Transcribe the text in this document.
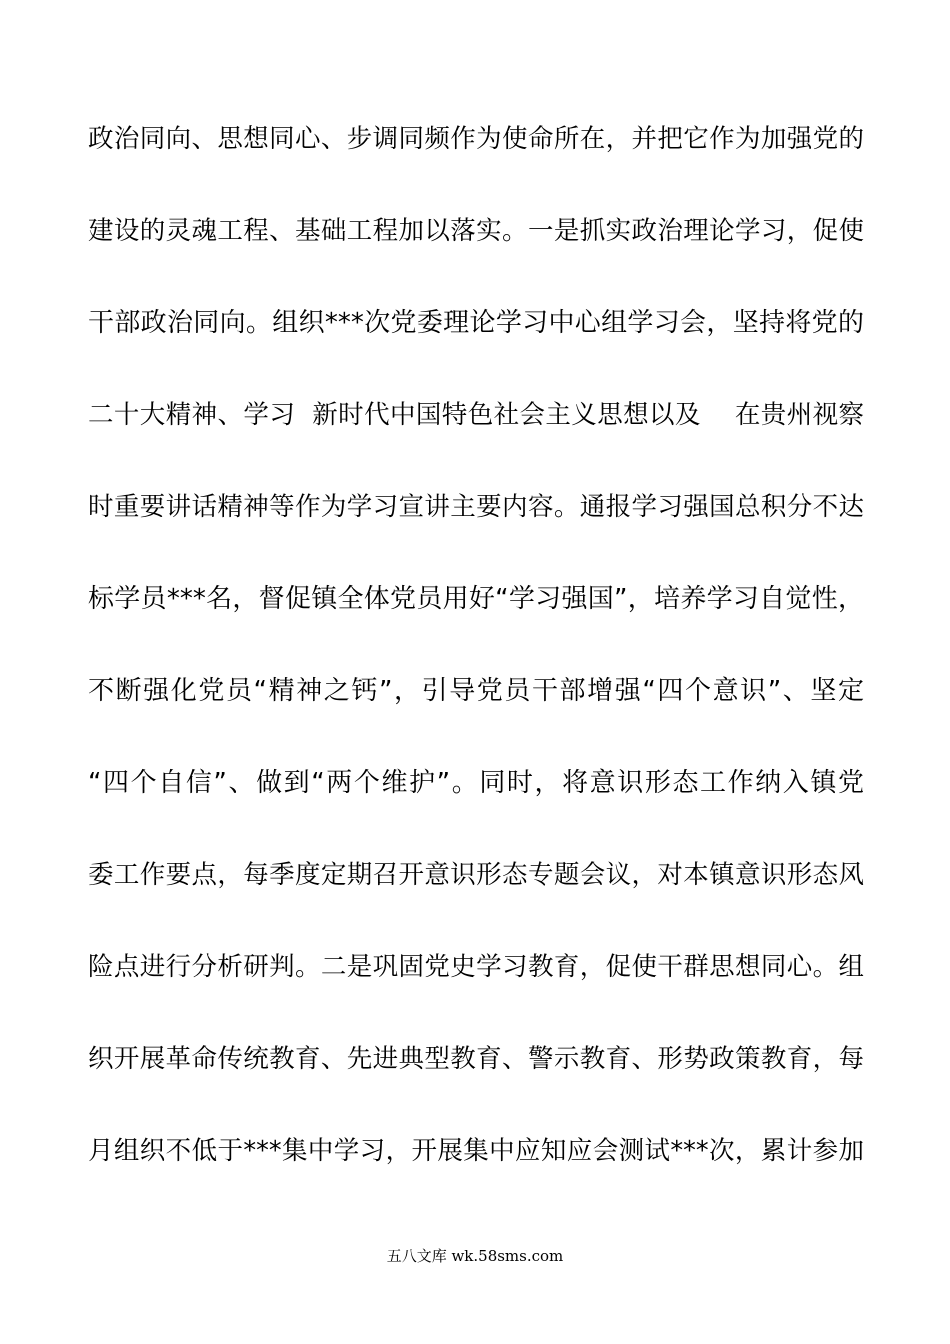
政治同向、思想同心、步调同频作为使命所在，并把它作为加强党的
建设的灵魂工程、基础工程加以落实。一是抓实政治理论学习，促使
干部政治同向。组织***次党委理论学习中心组学习会，坚持将党的
二十大精神、学习  新时代中国特色社会主义思想以及    在贵州视察
时重要讲话精神等作为学习宣讲主要内容。通报学习强国总积分不达
标学员***名，督促镇全体党员用好“学习强国”，培养学习自觉性，
不断强化党员“精神之钙”，引导党员干部增强“四个意识”、坚定
“四个自信”、做到“两个维护”。同时，将意识形态工作纳入镇党
委工作要点，每季度定期召开意识形态专题会议，对本镇意识形态风
险点进行分析研判。二是巩固党史学习教育，促使干群思想同心。组
织开展革命传统教育、先进典型教育、警示教育、形势政策教育，每
月组织不低于***集中学习，开展集中应知应会测试***次，累计参加
五八文库 wk.58sms.com
